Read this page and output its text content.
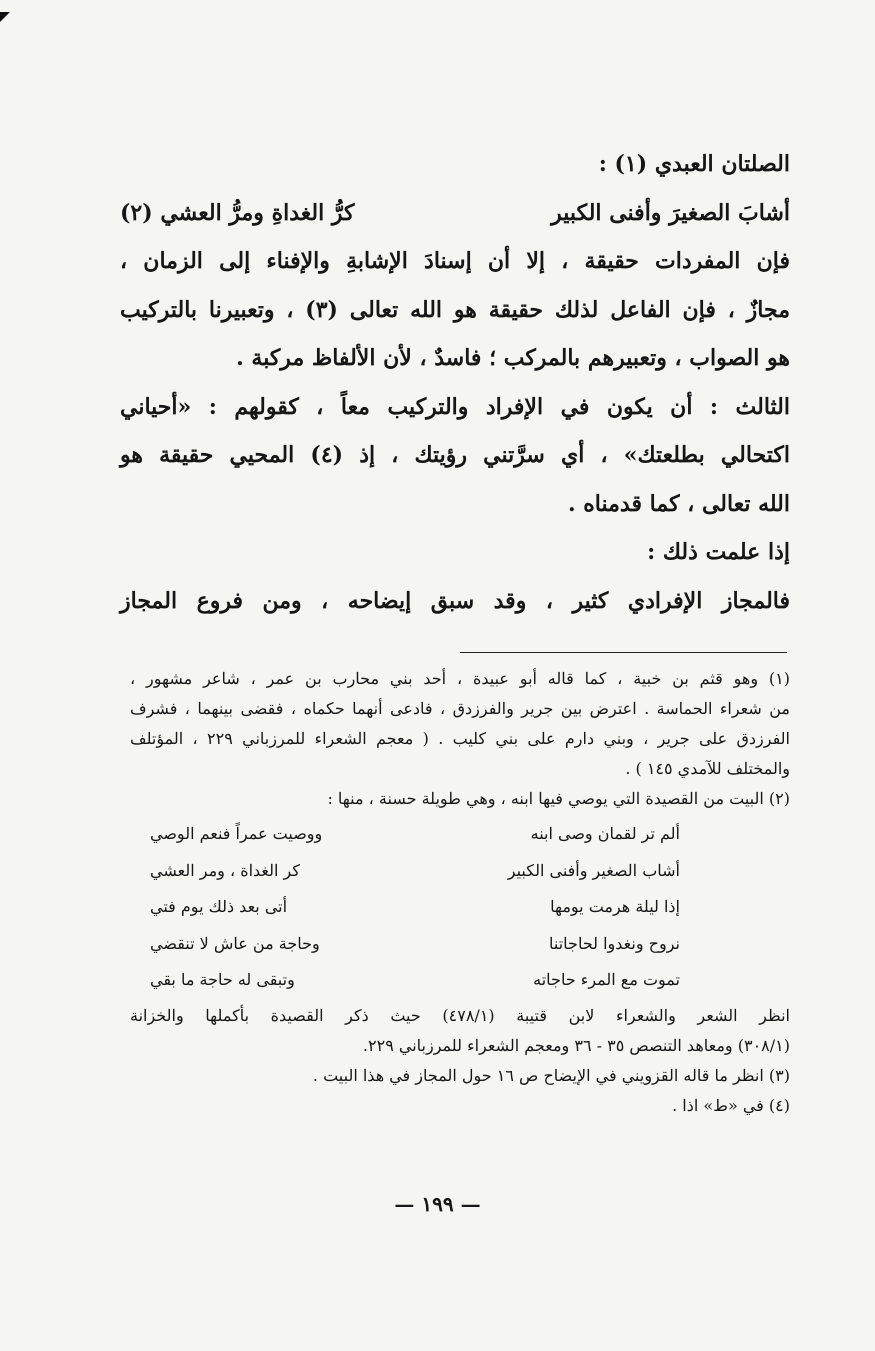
الصلتان العبدي (١) :
أشابَ الصغيرَ وأفنى الكبير
كرُّ الغداةِ ومرُّ العشي (٢)
فإن المفردات حقيقة ، إلا أن إسنادَ الإشابةِ والإفناء إلى الزمان ،
مجازٌ ، فإن الفاعل لذلك حقيقة هو الله تعالى (٣) ، وتعبيرنا بالتركيب
هو الصواب ، وتعبيرهم بالمركب ؛ فاسدٌ ، لأن الألفاظ مركبة .
الثالث : أن يكون في الإفراد والتركيب معاً ، كقولهم : «أحياني
اكتحالي بطلعتك» ، أي سرَّتني رؤيتك ، إذ (٤) المحيي حقيقة هو
الله تعالى ، كما قدمناه .
إذا علمت ذلك :
فالمجاز الإفرادي كثير ، وقد سبق إيضاحه ، ومن فروع المجاز
(١) وهو قثم بن خبية ، كما قاله أبو عبيدة ، أحد بني محارب بن عمر ، شاعر مشهور ،
من شعراء الحماسة . اعترض بين جرير والفرزدق ، فادعى أنهما حكماه ، فقضى بينهما ، فشرف
الفرزدق على جرير ، وبني دارم على بني كليب . ( معجم الشعراء للمرزباني ٢٢٩ ، المؤتلف
والمختلف للآمدي ١٤٥ ) .
(٢) البيت من القصيدة التي يوصي فيها ابنه ، وهي طويلة حسنة ، منها :
ألم تر لقمان وصى ابنه
ووصيت عمراً فنعم الوصي
أشاب الصغير وأفنى الكبير
كر الغداة ، ومر العشي
إذا ليلة هرمت يومها
أتى بعد ذلك يوم فتي
نروح ونغدوا لحاجاتنا
وحاجة من عاش لا تنقضي
تموت مع المرء حاجاته
وتبقى له حاجة ما بقي
انظر الشعر والشعراء لابن قتيبة (٤٧٨/١) حيث ذكر القصيدة بأكملها والخزانة
(٣٠٨/١) ومعاهد التنصص ٣٥ - ٣٦ ومعجم الشعراء للمرزباني ٢٢٩.
(٣) انظر ما قاله القزويني في الإيضاح ص ١٦ حول المجاز في هذا البيت .
(٤) في «ط» اذا .
— ١٩٩ —
